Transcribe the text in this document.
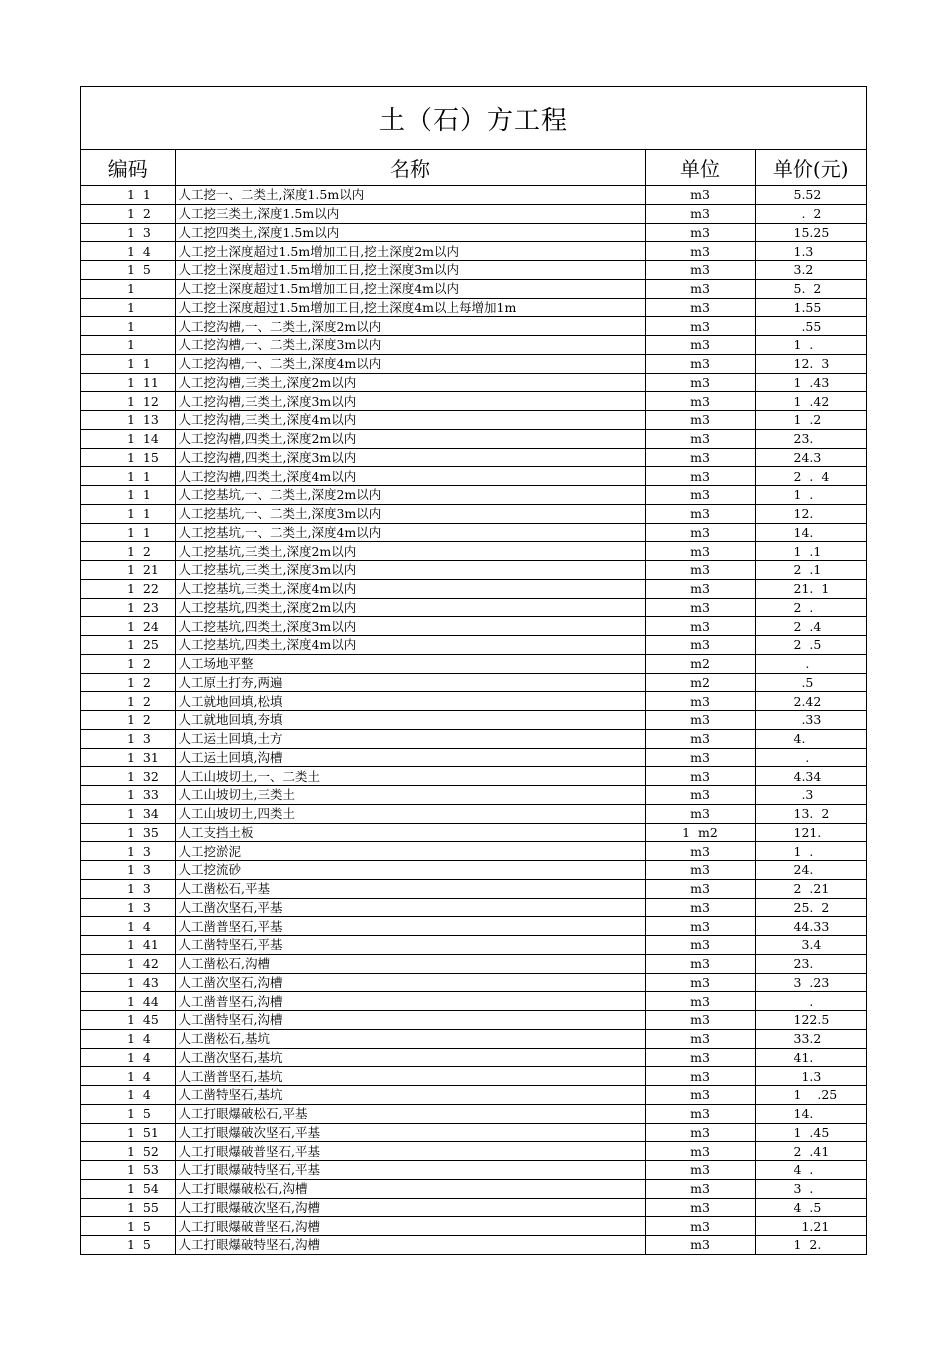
土（石）方工程
编码	名称	单位	单价(元)
1  1	人工挖一、二类土,深度1.5m以内	m3	5.52
1  2	人工挖三类土,深度1.5m以内	m3	.  2
1  3	人工挖四类土,深度1.5m以内	m3	15.25
1  4	人工挖土深度超过1.5m增加工日,挖土深度2m以内	m3	1.3
1  5	人工挖土深度超过1.5m增加工日,挖土深度3m以内	m3	3.2
1	人工挖土深度超过1.5m增加工日,挖土深度4m以内	m3	5.  2
1	人工挖土深度超过1.5m增加工日,挖土深度4m以上每增加1m	m3	1.55
1	人工挖沟槽,一、二类土,深度2m以内	m3	.55
1	人工挖沟槽,一、二类土,深度3m以内	m3	1  .
1  1	人工挖沟槽,一、二类土,深度4m以内	m3	12.  3
1  11	人工挖沟槽,三类土,深度2m以内	m3	1  .43
1  12	人工挖沟槽,三类土,深度3m以内	m3	1  .42
1  13	人工挖沟槽,三类土,深度4m以内	m3	1  .2
1  14	人工挖沟槽,四类土,深度2m以内	m3	23.
1  15	人工挖沟槽,四类土,深度3m以内	m3	24.3
1  1	人工挖沟槽,四类土,深度4m以内	m3	2  .  4
1  1	人工挖基坑,一、二类土,深度2m以内	m3	1  .
1  1	人工挖基坑,一、二类土,深度3m以内	m3	12.
1  1	人工挖基坑,一、二类土,深度4m以内	m3	14.
1  2	人工挖基坑,三类土,深度2m以内	m3	1  .1
1  21	人工挖基坑,三类土,深度3m以内	m3	2  .1
1  22	人工挖基坑,三类土,深度4m以内	m3	21.  1
1  23	人工挖基坑,四类土,深度2m以内	m3	2  .
1  24	人工挖基坑,四类土,深度3m以内	m3	2  .4
1  25	人工挖基坑,四类土,深度4m以内	m3	2  .5
1  2	人工场地平整	m2	.
1  2	人工原土打夯,两遍	m2	.5
1  2	人工就地回填,松填	m3	2.42
1  2	人工就地回填,夯填	m3	.33
1  3	人工运土回填,土方	m3	4.
1  31	人工运土回填,沟槽	m3	.
1  32	人工山坡切土,一、二类土	m3	4.34
1  33	人工山坡切土,三类土	m3	.3
1  34	人工山坡切土,四类土	m3	13.  2
1  35	人工支挡土板	1  m2	121.
1  3	人工挖淤泥	m3	1  .
1  3	人工挖流砂	m3	24.
1  3	人工凿松石,平基	m3	2  .21
1  3	人工凿次坚石,平基	m3	25.  2
1  4	人工凿普坚石,平基	m3	44.33
1  41	人工凿特坚石,平基	m3	3.4
1  42	人工凿松石,沟槽	m3	23.
1  43	人工凿次坚石,沟槽	m3	3  .23
1  44	人工凿普坚石,沟槽	m3	.
1  45	人工凿特坚石,沟槽	m3	122.5
1  4	人工凿松石,基坑	m3	33.2
1  4	人工凿次坚石,基坑	m3	41.
1  4	人工凿普坚石,基坑	m3	1.3
1  4	人工凿特坚石,基坑	m3	1    .25
1  5	人工打眼爆破松石,平基	m3	14.
1  51	人工打眼爆破次坚石,平基	m3	1  .45
1  52	人工打眼爆破普坚石,平基	m3	2  .41
1  53	人工打眼爆破特坚石,平基	m3	4  .
1  54	人工打眼爆破松石,沟槽	m3	3  .
1  55	人工打眼爆破次坚石,沟槽	m3	4  .5
1  5	人工打眼爆破普坚石,沟槽	m3	1.21
1  5	人工打眼爆破特坚石,沟槽	m3	1  2.
